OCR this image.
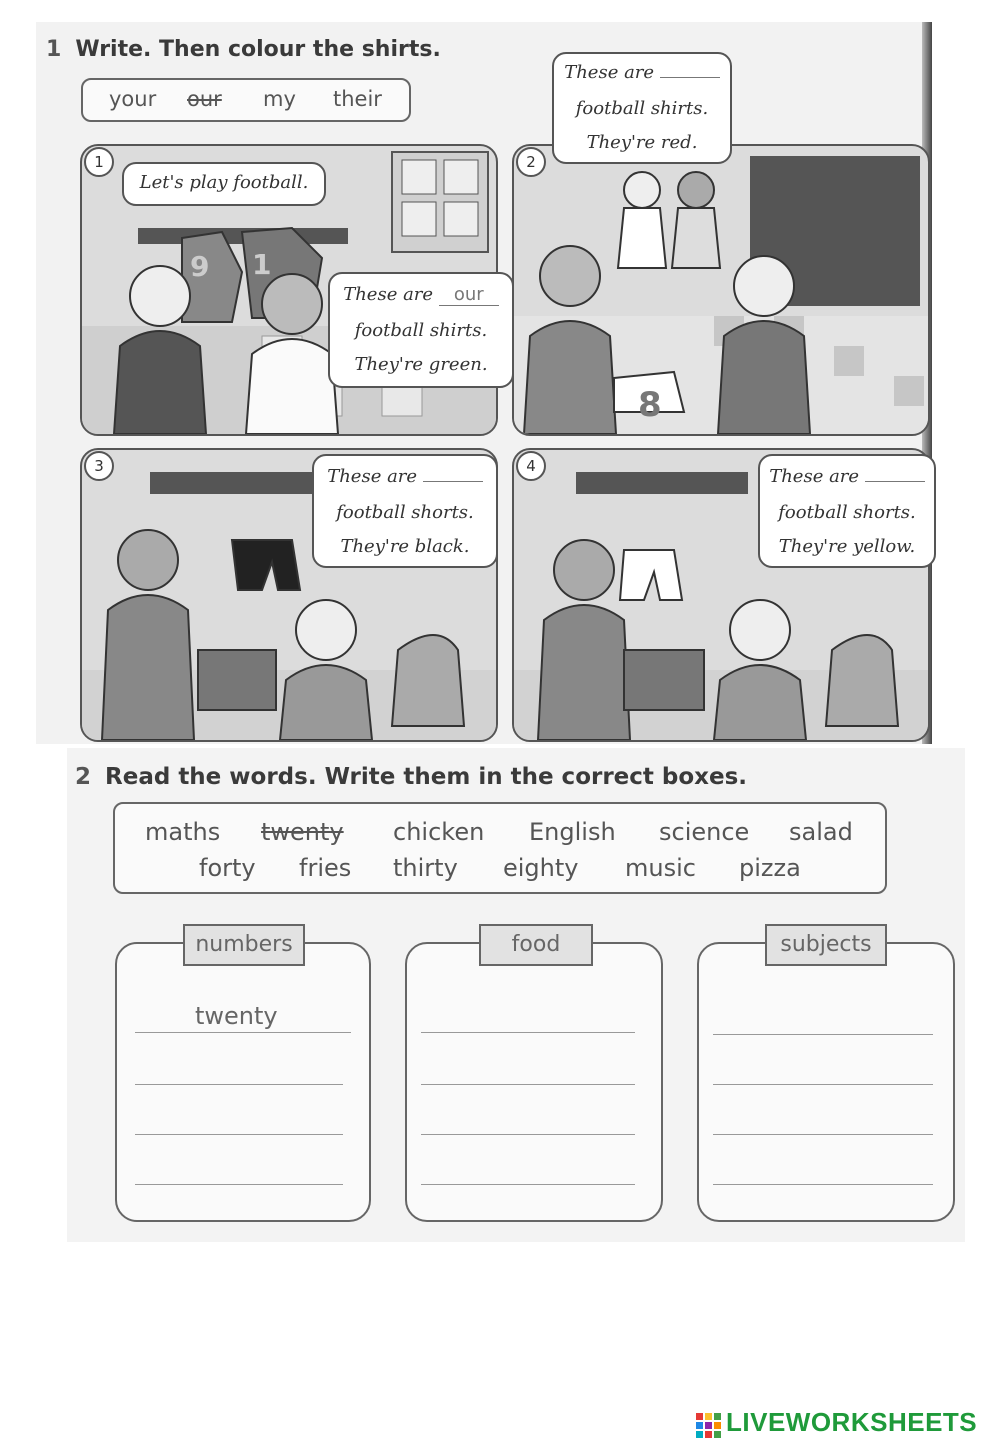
1 Write. Then colour the shirts.
your our my their
9 1
1
Let's play football.
These are our
football shirts.
They're green.
8
2
These are
football shirts.
They're red.
3	These are
football shorts.
They're black.
4	These are
football shorts.
They're yellow.
2 Read the words. Write them in the correct boxes.
maths twenty chicken English science salad
forty fries thirty eighty music pizza
numbers
twenty
food	subjects
LIVEWORKSHEETS
